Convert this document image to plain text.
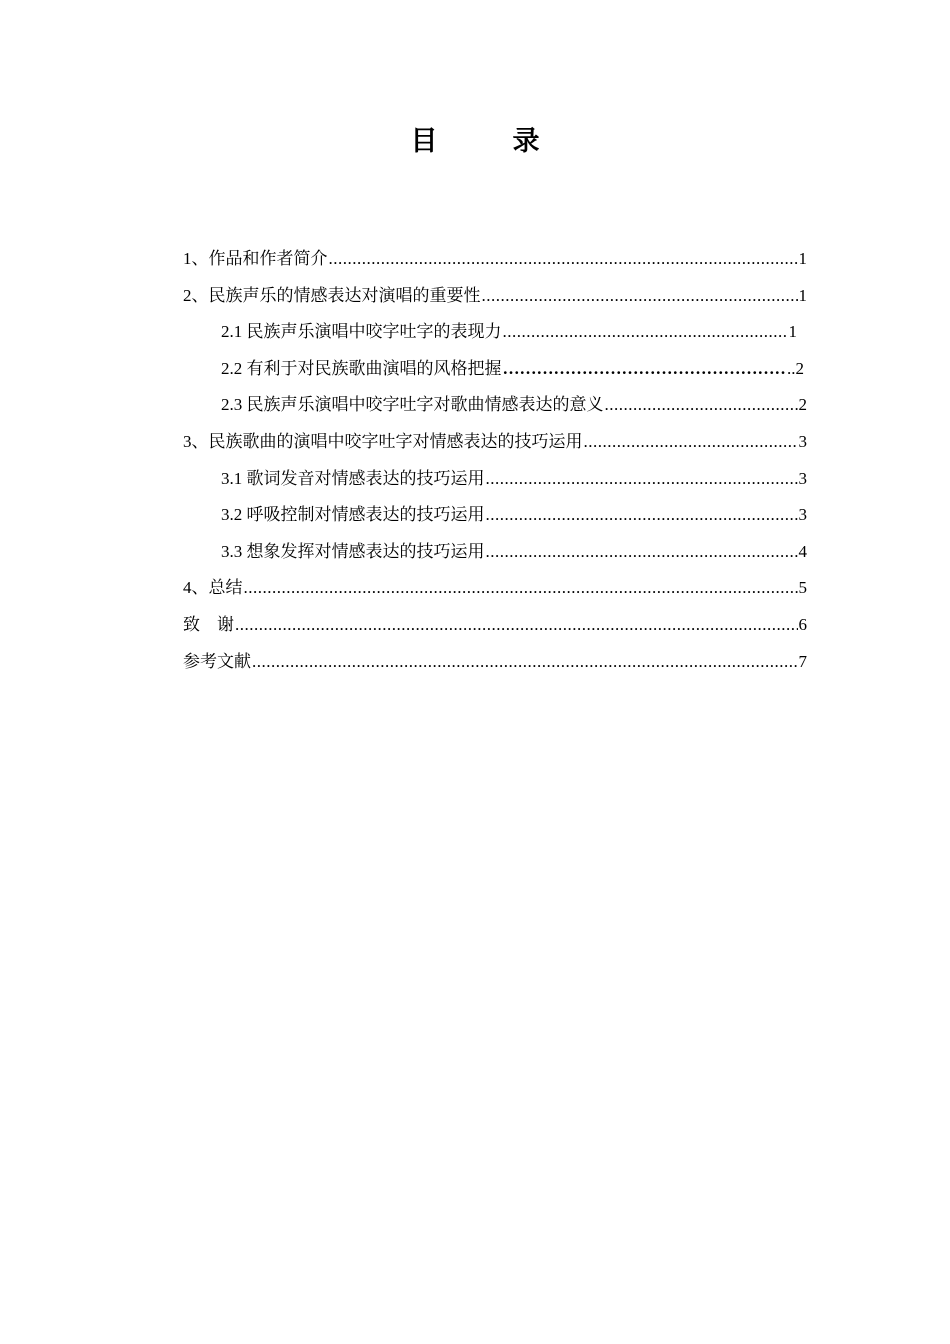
目　录
1、作品和作者简介 .....	1
2、民族声乐的情感表达对演唱的重要性 .....	1
2.1 民族声乐演唱中咬字吐字的表现力 .....	1
2.2 有利于对民族歌曲演唱的风格把握 ………………………………………………………………………………………………………………	..2
2.3 民族声乐演唱中咬字吐字对歌曲情感表达的意义 .....	2
3、民族歌曲的演唱中咬字吐字对情感表达的技巧运用 .....	3
3.1 歌词发音对情感表达的技巧运用 .....	3
3.2 呼吸控制对情感表达的技巧运用 .....	3
3.3 想象发挥对情感表达的技巧运用 .....	4
4、总结 .....	5
致　谢 .....	6
参考文献 .....	7
